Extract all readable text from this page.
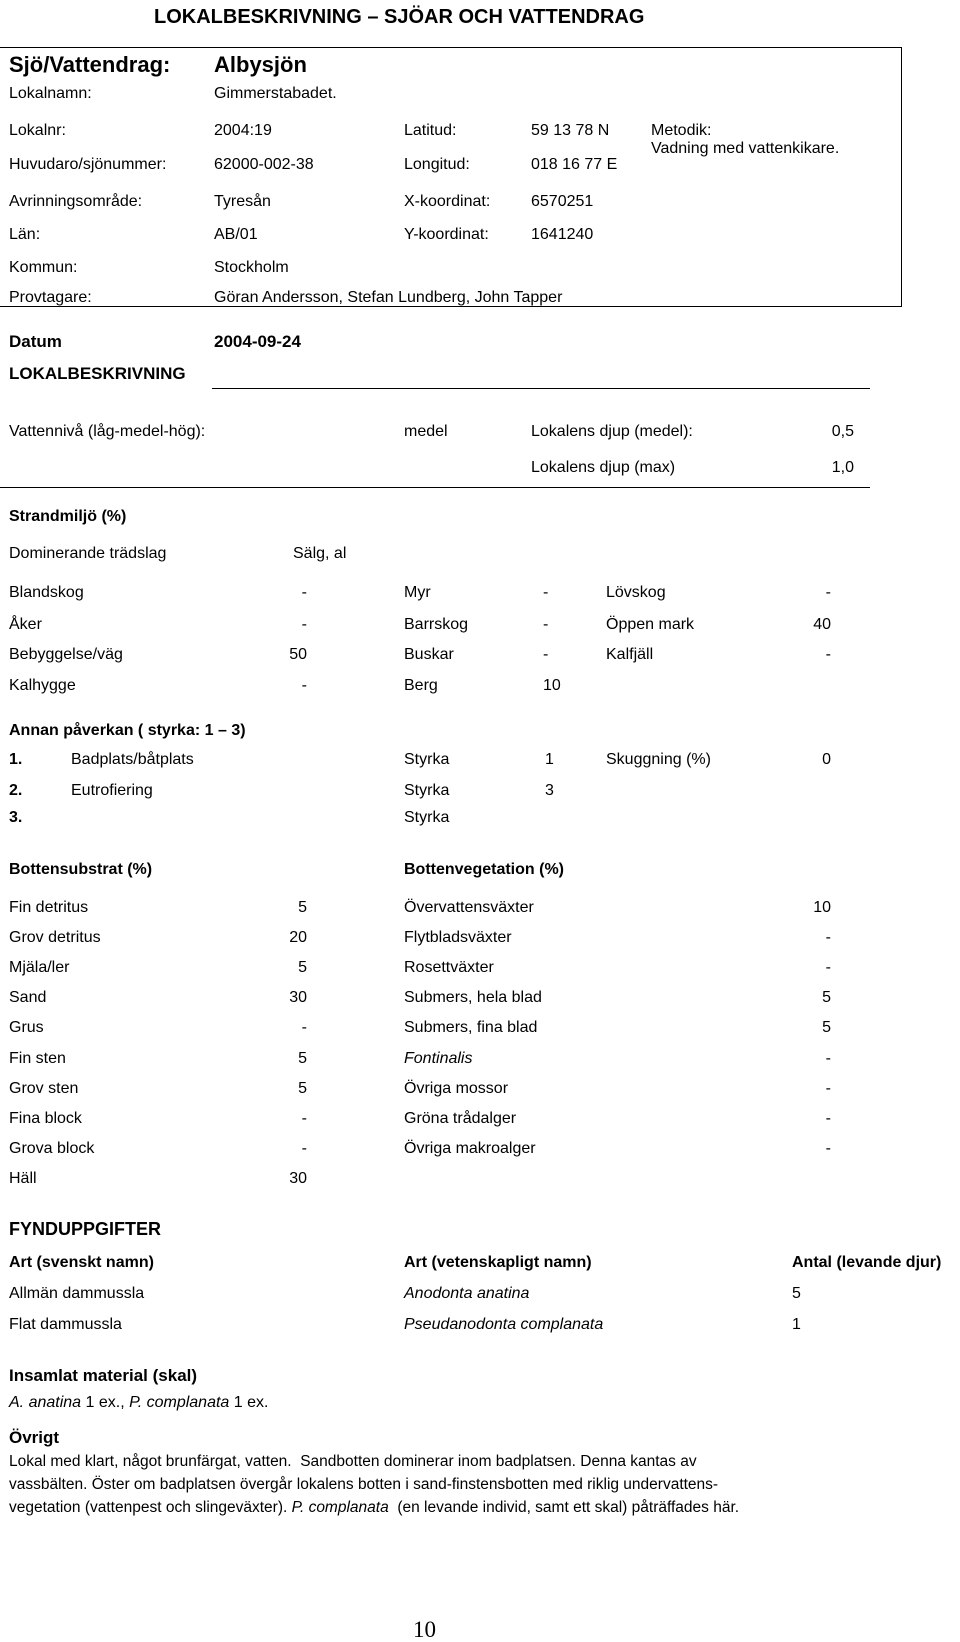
LOKALBESKRIVNING – SJÖAR OCH VATTENDRAG
Sjö/Vattendrag: Albysjön
Lokalnamn:	Gimmerstabadet.
Lokalnr:	2004:19	Latitud:	59 13 78 N	Metodik:
Vadning med vattenkikare.
Huvudaro/sjönummer:	62000-002-38	Longitud:	018 16 77 E
Avrinningsområde:	Tyresån	X-koordinat:	6570251
Län:	AB/01	Y-koordinat:	1641240
Kommun:	Stockholm
Provtagare:	Göran Andersson, Stefan Lundberg, John Tapper
Datum	2004-09-24
LOKALBESKRIVNING
Vattennivå (låg-medel-hög):	medel	Lokalens djup (medel):	0,5
Lokalens djup (max)	1,0
Strandmiljö (%)
Dominerande trädslag	Sälg, al
Blandskog	-	Myr	-	Lövskog	-
Åker	-	Barrskog	-	Öppen mark	40
Bebyggelse/väg	50	Buskar	-	Kalfjäll	-
Kalhygge	-	Berg	10
Annan påverkan ( styrka: 1 – 3)
1.	Badplats/båtplats	Styrka	1	Skuggning (%)	0
2.	Eutrofiering	Styrka	3
3.	Styrka
Bottensubstrat (%)	Bottenvegetation (%)
Fin detritus	5	Övervattensväxter	10
Grov detritus	20	Flytbladsväxter	-
Mjäla/ler	5	Rosettväxter	-
Sand	30	Submers, hela blad	5
Grus	-	Submers, fina blad	5
Fin sten	5	Fontinalis	-
Grov sten	5	Övriga mossor	-
Fina block	-	Gröna trådalger	-
Grova block	-	Övriga makroalger	-
Häll	30
FYNDUPPGIFTER
Art (svenskt namn)	Art (vetenskapligt namn)	Antal (levande djur)
Allmän dammussla	Anodonta anatina	5
Flat dammussla	Pseudanodonta complanata	1
Insamlat material (skal)
A. anatina 1 ex., P. complanata 1 ex.
Övrigt
Lokal med klart, något brunfärgat, vatten.  Sandbotten dominerar inom badplatsen. Denna kantas av
vassbälten. Öster om badplatsen övergår lokalens botten i sand-finstensbotten med riklig undervattens-
vegetation (vattenpest och slingeväxter). P. complanata  (en levande individ, samt ett skal) påträffades här.
10
